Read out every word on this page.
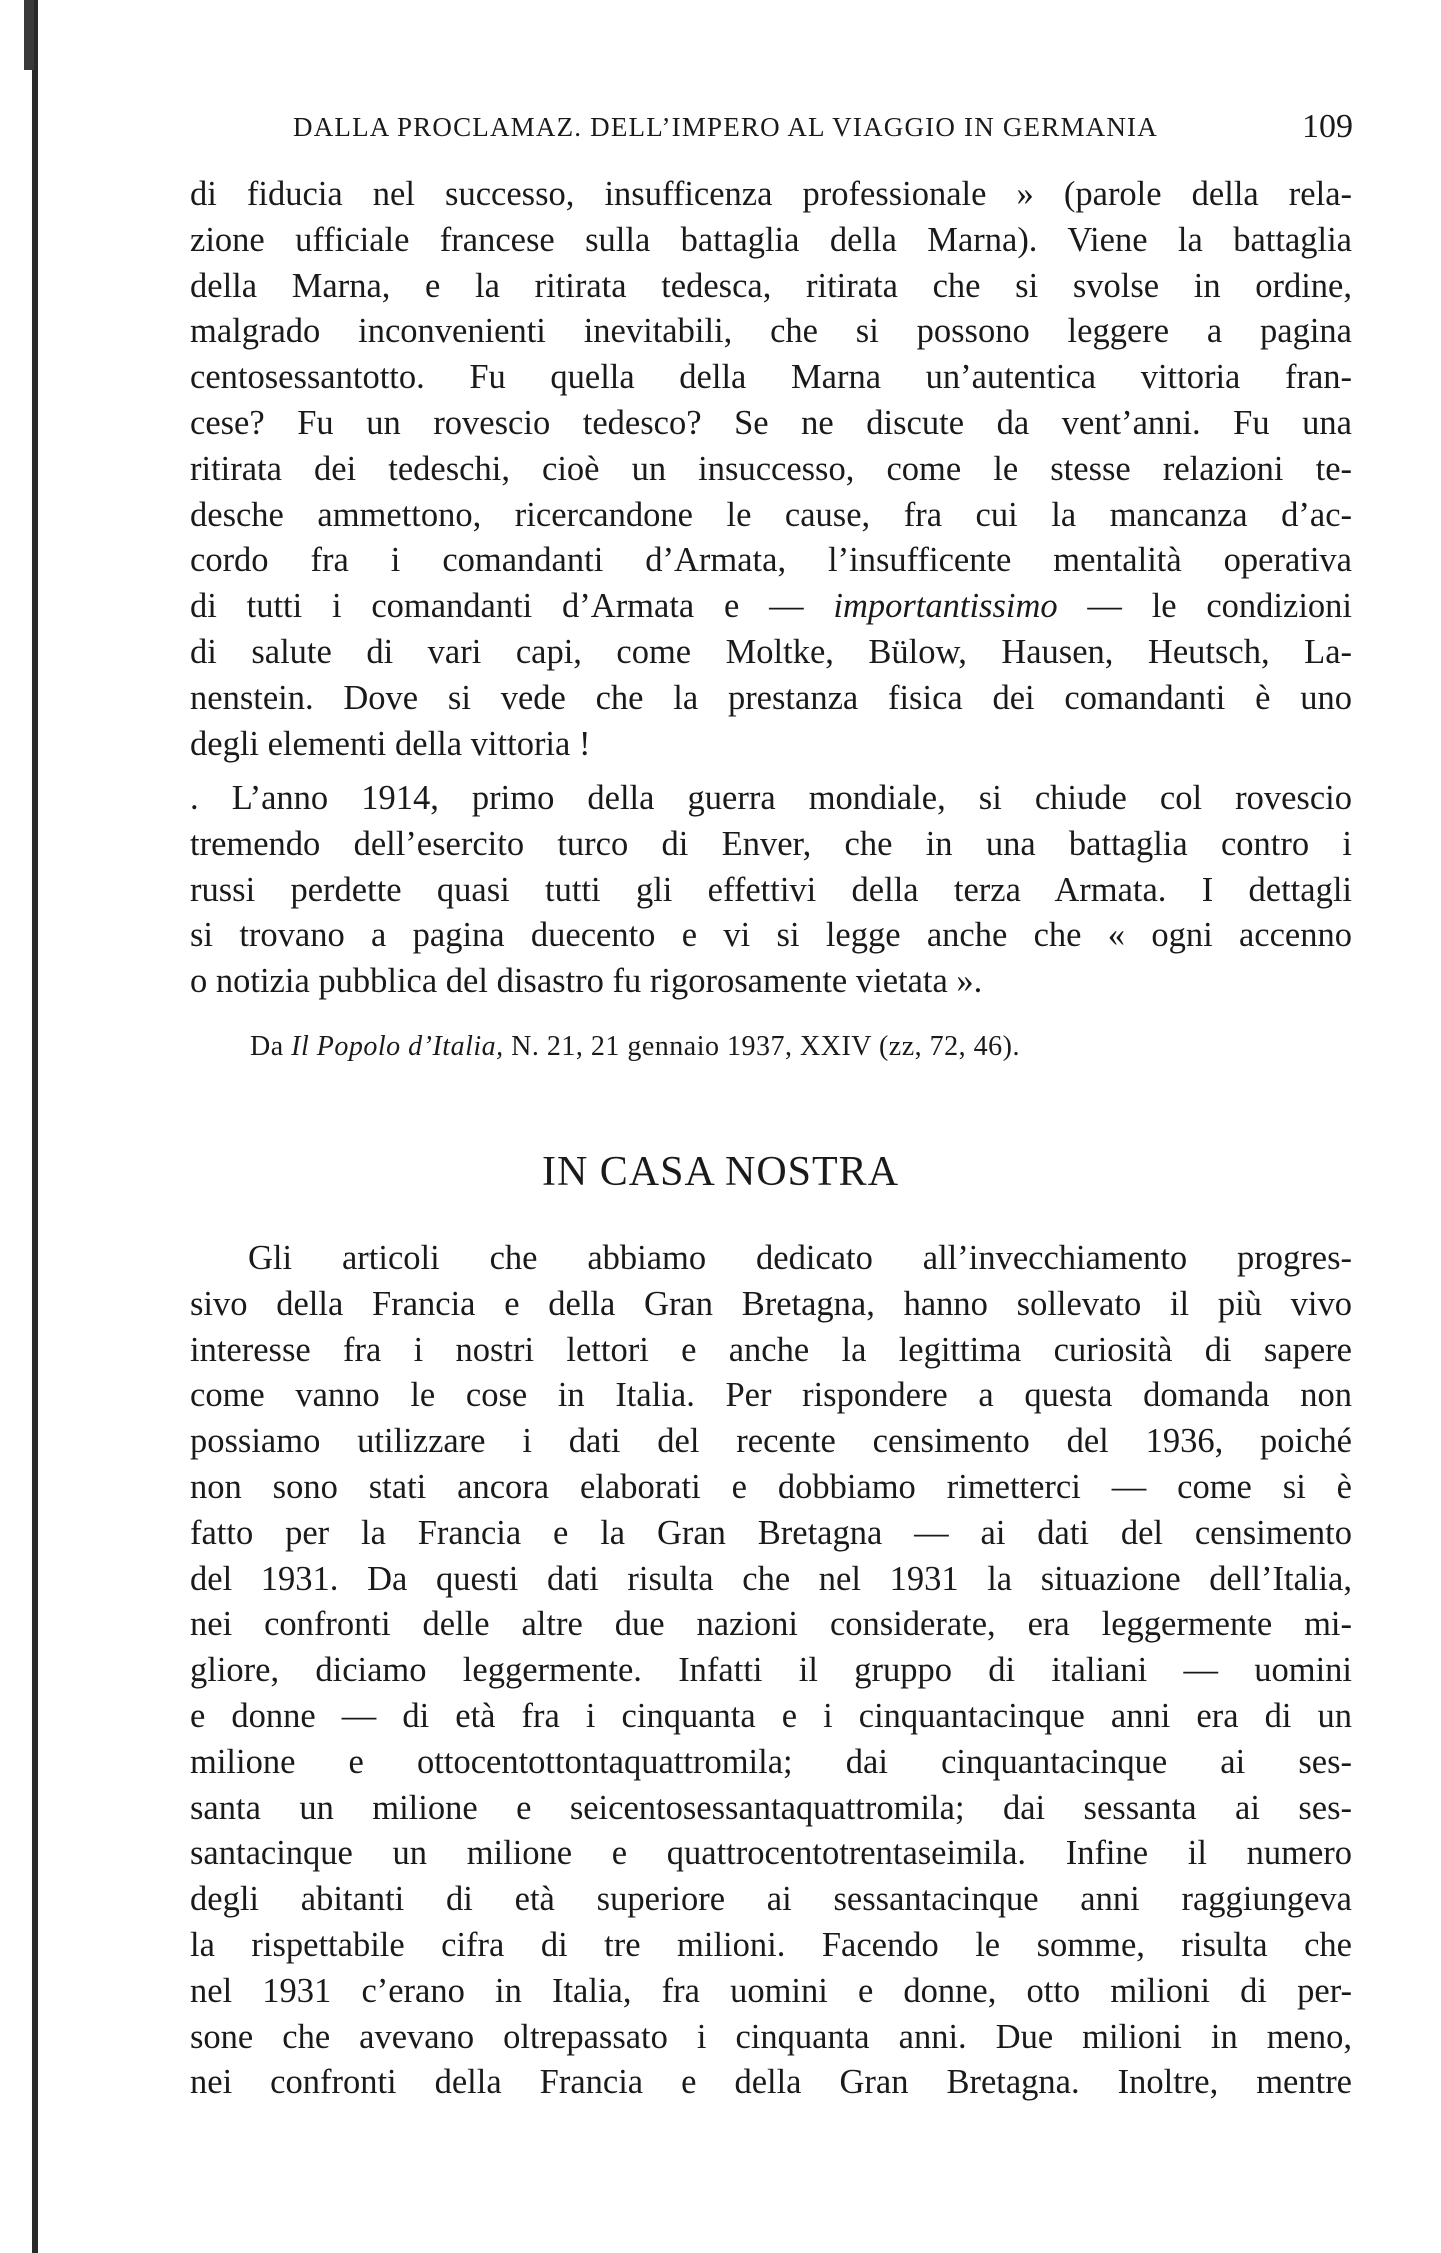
DALLA PROCLAMAZ. DELL’IMPERO AL VIAGGIO IN GERMANIA	109
di fiducia nel successo, insufficenza professionale » (parole della rela-
zione ufficiale francese sulla battaglia della Marna). Viene la battaglia
della Marna, e la ritirata tedesca, ritirata che si svolse in ordine,
malgrado inconvenienti inevitabili, che si possono leggere a pagina
centosessantotto. Fu quella della Marna un’autentica vittoria fran-
cese? Fu un rovescio tedesco? Se ne discute da vent’anni. Fu una
ritirata dei tedeschi, cioè un insuccesso, come le stesse relazioni te-
desche ammettono, ricercandone le cause, fra cui la mancanza d’ac-
cordo fra i comandanti d’Armata, l’insufficente mentalità operativa
di tutti i comandanti d’Armata e — importantissimo — le condizioni
di salute di vari capi, come Moltke, Bülow, Hausen, Heutsch, La-
nenstein. Dove si vede che la prestanza fisica dei comandanti è uno
degli elementi della vittoria !
. L’anno 1914, primo della guerra mondiale, si chiude col rovescio
tremendo dell’esercito turco di Enver, che in una battaglia contro i
russi perdette quasi tutti gli effettivi della terza Armata. I dettagli
si trovano a pagina duecento e vi si legge anche che « ogni accenno
o notizia pubblica del disastro fu rigorosamente vietata ».
Da Il Popolo d’Italia, N. 21, 21 gennaio 1937, XXIV (zz, 72, 46).
IN CASA NOSTRA
Gli articoli che abbiamo dedicato all’invecchiamento progres-
sivo della Francia e della Gran Bretagna, hanno sollevato il più vivo
interesse fra i nostri lettori e anche la legittima curiosità di sapere
come vanno le cose in Italia. Per rispondere a questa domanda non
possiamo utilizzare i dati del recente censimento del 1936, poiché
non sono stati ancora elaborati e dobbiamo rimetterci — come si è
fatto per la Francia e la Gran Bretagna — ai dati del censimento
del 1931. Da questi dati risulta che nel 1931 la situazione dell’Italia,
nei confronti delle altre due nazioni considerate, era leggermente mi-
gliore, diciamo leggermente. Infatti il gruppo di italiani — uomini
e donne — di età fra i cinquanta e i cinquantacinque anni era di un
milione e ottocentottontaquattromila; dai cinquantacinque ai ses-
santa un milione e seicentosessantaquattromila; dai sessanta ai ses-
santacinque un milione e quattrocentotrentaseimila. Infine il numero
degli abitanti di età superiore ai sessantacinque anni raggiungeva
la rispettabile cifra di tre milioni. Facendo le somme, risulta che
nel 1931 c’erano in Italia, fra uomini e donne, otto milioni di per-
sone che avevano oltrepassato i cinquanta anni. Due milioni in meno,
nei confronti della Francia e della Gran Bretagna. Inoltre, mentre
